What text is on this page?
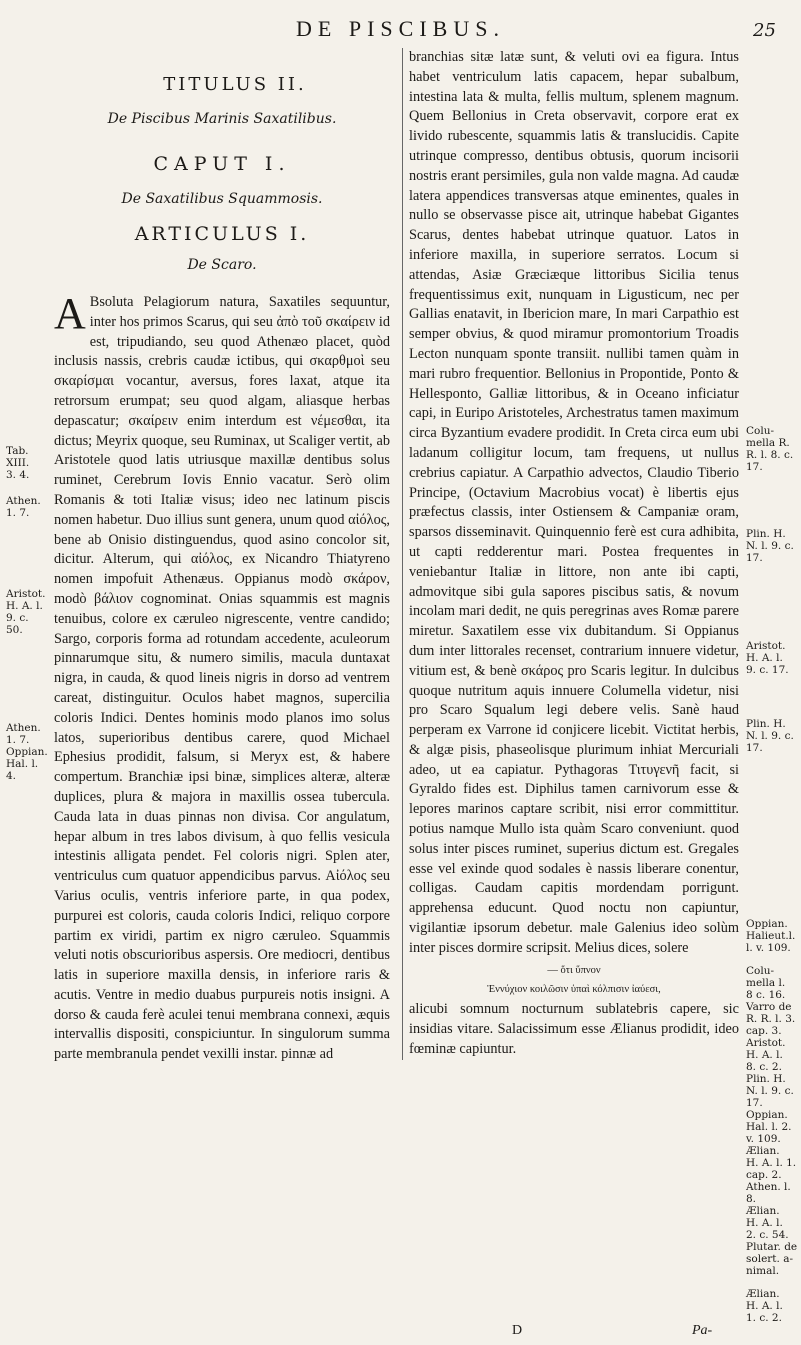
DE PISCIBUS.	25
Tab.
XIII.
3. 4.
Athen.
1. 7.
Aristot.
H. A. l.
9. c. 50.
Athen.
1. 7.
Oppian.
Hal. l. 4.
TITULUS II.
De Piscibus Marinis Saxatilibus.
CAPUT I.
De Saxatilibus Squammosis.
ARTICULUS I.
De Scaro.

A Bsoluta Pelagiorum natura, Saxatiles sequuntur, inter hos primos Scarus, qui seu ἀπὸ τοῦ σκαίρειν id est, tripudiando, seu quod Athenæo placet, quòd inclusis nassis, crebris caudæ ictibus, qui σκαρθμοὶ seu σκαρίσμαι vocantur, aversus, fores laxat, atque ita retrorsum erumpat; seu quod algam, aliasque herbas depascatur; σκαίρειν enim interdum est νέμεσθαι, ita dictus; Meyrix quoque, seu Ruminax, ut Scaliger vertit, ab Aristotele quod latis utriusque maxillæ dentibus solus ruminet, Cerebrum Iovis Ennio vacatur. Serò olim Romanis & toti Italiæ visus; ideo nec latinum piscis nomen habetur. Duo illius sunt genera, unum quod αἰόλος, bene ab Onisio distinguendus, quod asino concolor sit, dicitur. Alterum, qui αἰόλος, ex Nicandro Thiatyreno nomen impofuit Athenæus. Oppianus modò σκάρον, modò βάλιον cognominat. Onias squammis est magnis tenuibus, colore ex cæruleo nigrescente, ventre candido; Sargo, corporis forma ad rotundam accedente, aculeorum pinnarumque situ, & numero similis, macula duntaxat nigra, in cauda, & quod lineis nigris in dorso ad ventrem careat, distinguitur. Oculos habet magnos, supercilia coloris Indici. Dentes hominis modo planos imo solus latos, superioribus dentibus carere, quod Michael Ephesius prodidit, falsum, si Meryx est, & habere compertum. Branchiæ ipsi binæ, simplices alteræ, alteræ duplices, plura & majora in maxillis ossea tubercula. Cauda lata in duas pinnas non divisa. Cor angulatum, hepar album in tres labos divisum, à quo fellis vesicula intestinis alligata pendet. Fel coloris nigri. Splen ater, ventriculus cum quatuor appendicibus parvus. Αἰόλος seu Varius oculis, ventris inferiore parte, in qua podex, purpurei est coloris, cauda coloris Indici, reliquo corpore partim ex viridi, partim ex nigro cæruleo. Squammis veluti notis obscurioribus aspersis. Ore mediocri, dentibus latis in superiore maxilla densis, in inferiore raris & acutis. Ventre in medio duabus purpureis notis insigni. A dorso & cauda ferè aculei tenui membrana connexi, æquis intervallis dispositi, conspiciuntur. In singulorum summa parte membranula pendet vexilli instar. pinnæ ad

branchias sitæ latæ sunt, & veluti ovi ea figura. Intus habet ventriculum latis capacem, hepar subalbum, intestina lata & multa, fellis multum, splenem magnum. Quem Bellonius in Creta observavit, corpore erat ex livido rubescente, squammis latis & translucidis. Capite utrinque compresso, dentibus obtusis, quorum incisorii nostris erant persimiles, gula non valde magna. Ad caudæ latera appendices transversas atque eminentes, quales in nullo se observasse pisce ait, utrinque habebat Gigantes Scarus, dentes habebat utrinque quatuor. Latos in inferiore maxilla, in superiore serratos. Locum si attendas, Asiæ Græciæque littoribus Sicilia tenus frequentissimus exit, nunquam in Ligusticum, nec per Gallias enatavit, in Ibericion mare, In mari Carpathio est semper obvius, & quod miramur promontorium Troadis Lecton nunquam sponte transiit. nullibi tamen quàm in mari rubro frequentior. Bellonius in Propontide, Ponto & Hellesponto, Galliæ littoribus, & in Oceano inficiatur capi, in Euripo Aristoteles, Archestratus tamen maximum circa Byzantium evadere prodidit. In Creta circa eum ubi ladanum colligitur locum, tam frequens, ut nullus crebrius capiatur. A Carpathio advectos, Claudio Tiberio Principe, (Octavium Macrobius vocat) è libertis ejus præfectus classis, inter Ostiensem & Campaniæ oram, sparsos disseminavit. Quinquennio ferè est cura adhibita, ut capti redderentur mari. Postea frequentes in veniebantur Italiæ in littore, non ante ibi capti, admovitque sibi gula sapores piscibus satis, & novum incolam mari dedit, ne quis peregrinas aves Romæ parere miretur. Saxatilem esse vix dubitandum. Si Oppianus dum inter littorales recenset, contrarium innuere videtur, vitium est, & benè σκάρος pro Scaris legitur. In dulcibus quoque nutritum aquis innuere Columella videtur, nisi pro Scaro Squalum legi debere velis. Sanè haud perperam ex Varrone id conjicere licebit. Victitat herbis, & algæ pisis, phaseolisque plurimum inhiat Mercuriali adeo, ut ea capiatur. Pythagoras Τιτυγενῆ facit, si Gyraldo fides est. Diphilus tamen carnivorum esse & lepores marinos captare scribit, nisi error committitur. potius namque Mullo ista quàm Scaro conveniunt. quod solus inter pisces ruminet, superius dictum est. Gregales esse vel exinde quod sodales è nassis liberare conentur, colligas. Caudam capitis mordendam porrigunt. apprehensa educunt. Quod noctu non capiuntur, vigilantiæ ipsorum debetur. male Galenius ideo solùm inter pisces dormire scripsit. Melius dices, solere

— ὅτι ὕπνον

Ἐννύχιον κοιλῶσιν ὑπαὶ κόλπισιν ἰαύεσι,

alicubi somnum nocturnum sublatebris capere, sic insidias vitare. Salacissimum esse Ælianus prodidit, ideo fœminæ capiuntur.

Colu-
mella R.
R. l. 8. c.
17.
Plin. H.
N. l. 9. c.
17.
Aristot.
H. A. l.
9. c. 17.
Plin. H.
N. l. 9. c.
17.
Oppian.
Halieut.l.
l. v. 109.
Colu-
mella l.
8 c. 16.
Varro de
R. R. l. 3.
cap. 3.
Aristot.
H. A. l.
8. c. 2.
Plin. H.
N. l. 9. c.
17.
Oppian.
Hal. l. 2.
v. 109.
Ælian.
H. A. l. 1.
cap. 2.
Athen. l.
8.
Ælian.
H. A. l.
2. c. 54.
Plutar. de
solert. a-
nimal.
Ælian.
H. A. l.
1. c. 2.
D	Pa-
